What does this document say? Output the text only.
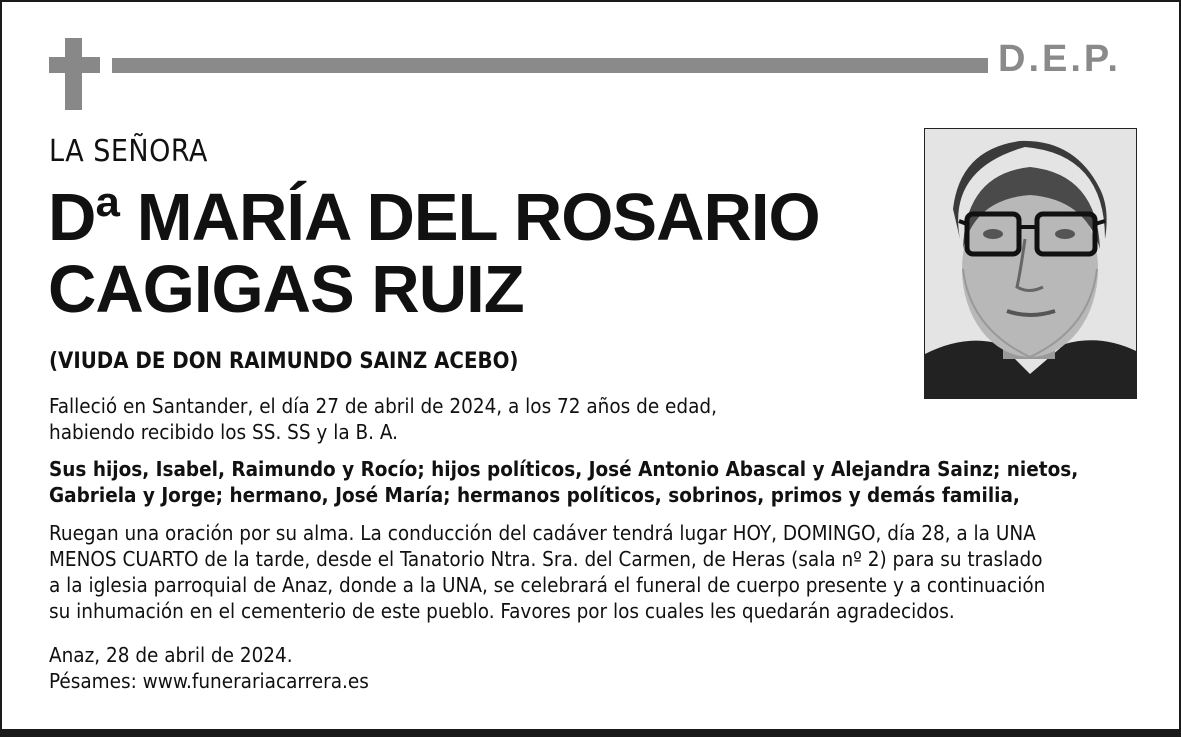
D.E.P.
LA SEÑORA
Dª MARÍA DEL ROSARIO
CAGIGAS RUIZ
(VIUDA DE DON RAIMUNDO SAINZ ACEBO)
Falleció en Santander, el día 27 de abril de 2024, a los 72 años de edad,
habiendo recibido los SS. SS y la B. A.
Sus hijos, Isabel, Raimundo y Rocío; hijos políticos, José Antonio Abascal y Alejandra Sainz; nietos,
Gabriela y Jorge; hermano, José María; hermanos políticos, sobrinos, primos y demás familia,
Ruegan una oración por su alma. La conducción del cadáver tendrá lugar HOY, DOMINGO, día 28, a la UNA
MENOS CUARTO de la tarde, desde el Tanatorio Ntra. Sra. del Carmen, de Heras (sala nº 2) para su traslado
a la iglesia parroquial de Anaz, donde a la UNA, se celebrará el funeral de cuerpo presente y a continuación
su inhumación en el cementerio de este pueblo. Favores por los cuales les quedarán agradecidos.
Anaz, 28 de abril de 2024.
Pésames: www.funerariacarrera.es
